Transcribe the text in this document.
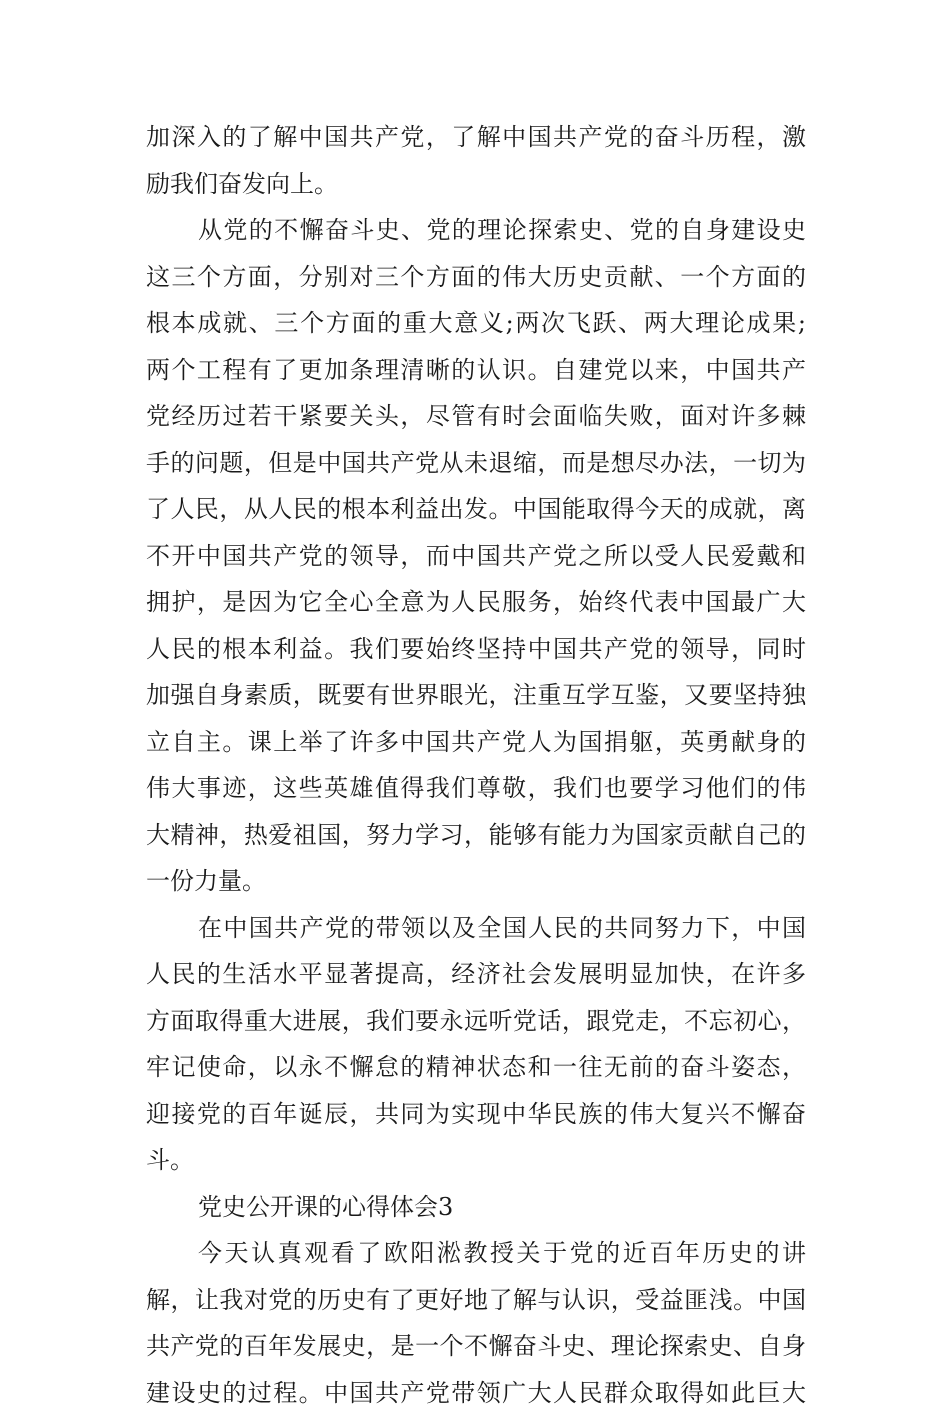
加深入的了解中国共产党，了解中国共产党的奋斗历程，激
励我们奋发向上。
从党的不懈奋斗史、党的理论探索史、党的自身建设史
这三个方面，分别对三个方面的伟大历史贡献、一个方面的
根本成就、三个方面的重大意义;两次飞跃、两大理论成果;
两个工程有了更加条理清晰的认识。自建党以来，中国共产
党经历过若干紧要关头，尽管有时会面临失败，面对许多棘
手的问题，但是中国共产党从未退缩，而是想尽办法，一切为
了人民，从人民的根本利益出发。中国能取得今天的成就，离
不开中国共产党的领导，而中国共产党之所以受人民爱戴和
拥护，是因为它全心全意为人民服务，始终代表中国最广大
人民的根本利益。我们要始终坚持中国共产党的领导，同时
加强自身素质，既要有世界眼光，注重互学互鉴，又要坚持独
立自主。课上举了许多中国共产党人为国捐躯，英勇献身的
伟大事迹，这些英雄值得我们尊敬，我们也要学习他们的伟
大精神，热爱祖国，努力学习，能够有能力为国家贡献自己的
一份力量。
在中国共产党的带领以及全国人民的共同努力下，中国
人民的生活水平显著提高，经济社会发展明显加快，在许多
方面取得重大进展，我们要永远听党话，跟党走，不忘初心，
牢记使命，以永不懈怠的精神状态和一往无前的奋斗姿态，
迎接党的百年诞辰，共同为实现中华民族的伟大复兴不懈奋
斗。
党史公开课的心得体会3
今天认真观看了欧阳淞教授关于党的近百年历史的讲
解，让我对党的历史有了更好地了解与认识，受益匪浅。中国
共产党的百年发展史，是一个不懈奋斗史、理论探索史、自身
建设史的过程。中国共产党带领广大人民群众取得如此巨大
